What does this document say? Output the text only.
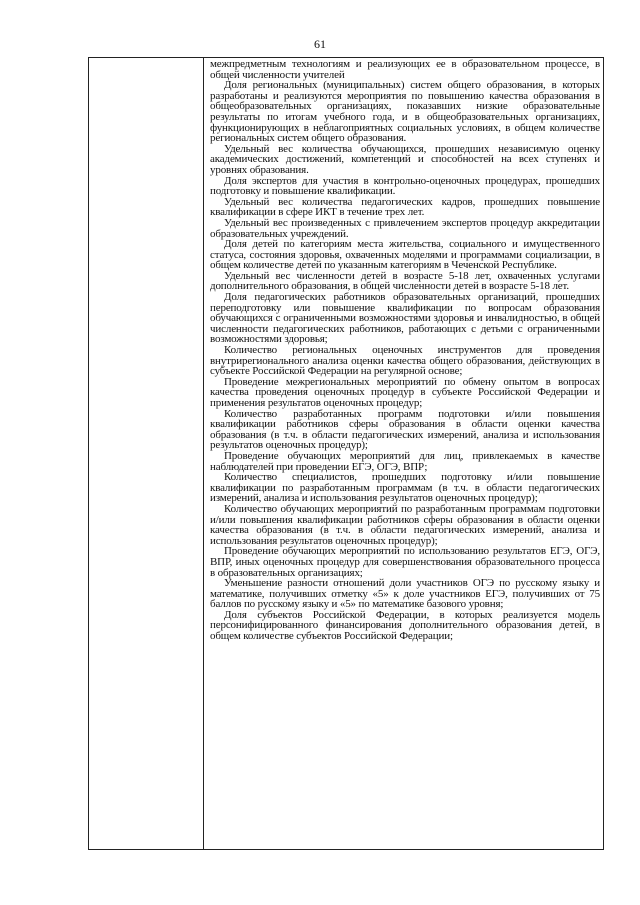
61

межпредметным технологиям и реализующих ее в образовательном процессе, в общей численности учителей

Доля региональных (муниципальных) систем общего образования, в которых разработаны и реализуются мероприятия по повышению качества образования в общеобразовательных организациях, показавших низкие образовательные результаты по итогам учебного года, и в общеобразовательных организациях, функционирующих в неблагоприятных социальных условиях, в общем количестве региональных систем общего образования.

Удельный вес количества обучающихся, прошедших независимую оценку академических достижений, компетенций и способностей на всех ступенях и уровнях образования.

Доля экспертов для участия в контрольно-оценочных процедурах, прошедших подготовку и повышение квалификации.

Удельный вес количества педагогических кадров, прошедших повышение квалификации в сфере ИКТ в течение трех лет.

Удельный вес произведенных с привлечением экспертов процедур аккредитации образовательных учреждений.

Доля детей по категориям места жительства, социального и имущественного статуса, состояния здоровья, охваченных моделями и программами социализации, в общем количестве детей по указанным категориям в Чеченской Республике.

Удельный вес численности детей в возрасте 5-18 лет, охваченных услугами дополнительного образования, в общей численности детей в возрасте 5-18 лет.

Доля педагогических работников образовательных организаций, прошедших переподготовку или повышение квалификации по вопросам образования обучающихся с ограниченными возможностями здоровья и инвалидностью, в общей численности педагогических работников, работающих с детьми с ограниченными возможностями здоровья;

Количество региональных оценочных инструментов для проведения внутрирегионального анализа оценки качества общего образования, действующих в субъекте Российской Федерации на регулярной основе;

Проведение межрегиональных мероприятий по обмену опытом в вопросах качества проведения оценочных процедур в субъекте Российской Федерации и применения результатов оценочных процедур;

Количество разработанных программ подготовки и/или повышения квалификации работников сферы образования в области оценки качества образования (в т.ч. в области педагогических измерений, анализа и использования результатов оценочных процедур);

Проведение обучающих мероприятий для лиц, привлекаемых в качестве наблюдателей при проведении ЕГЭ, ОГЭ, ВПР;

Количество специалистов, прошедших подготовку и/или повышение квалификации по разработанным программам (в т.ч. в области педагогических измерений, анализа и использования результатов оценочных процедур);

Количество обучающих мероприятий по разработанным программам подготовки и/или повышения квалификации работников сферы образования в области оценки качества образования (в т.ч. в области педагогических измерений, анализа и использования результатов оценочных процедур);

Проведение обучающих мероприятий по использованию результатов ЕГЭ, ОГЭ, ВПР, иных оценочных процедур для совершенствования образовательного процесса в образовательных организациях;

Уменьшение разности отношений доли участников ОГЭ по русскому языку и математике, получивших отметку «5» к доле участников ЕГЭ, получивших от 75 баллов по русскому языку и «5» по математике базового уровня;

Доля субъектов Российской Федерации, в которых реализуется модель персонифицированного финансирования дополнительного образования детей, в общем количестве субъектов Российской Федерации;
